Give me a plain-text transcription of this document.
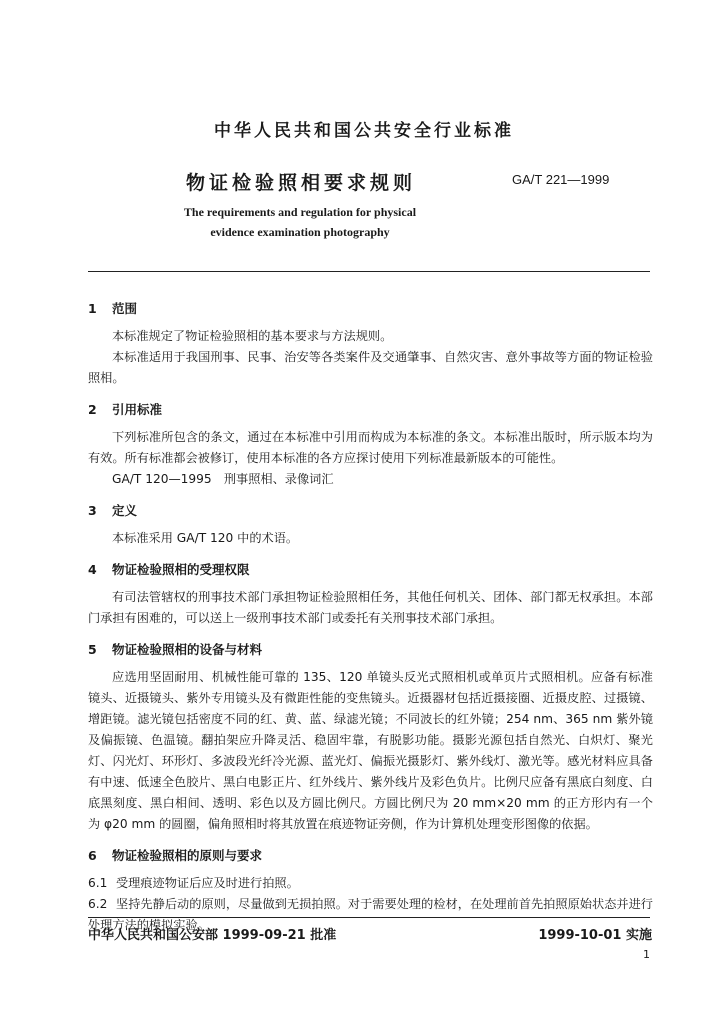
中华人民共和国公共安全行业标准
物证检验照相要求规则	GA/T 221—1999
The requirements and regulation for physical
evidence examination photography
1 范围

本标准规定了物证检验照相的基本要求与方法规则。

本标准适用于我国刑事、民事、治安等各类案件及交通肇事、自然灾害、意外事故等方面的物证检验照相。

2 引用标准

下列标准所包含的条文，通过在本标准中引用而构成为本标准的条文。本标准出版时，所示版本均为有效。所有标准都会被修订，使用本标准的各方应探讨使用下列标准最新版本的可能性。

GA/T 120—1995　刑事照相、录像词汇

3 定义

本标准采用 GA/T 120 中的术语。

4 物证检验照相的受理权限

有司法管辖权的刑事技术部门承担物证检验照相任务，其他任何机关、团体、部门都无权承担。本部门承担有困难的，可以送上一级刑事技术部门或委托有关刑事技术部门承担。

5 物证检验照相的设备与材料

应选用坚固耐用、机械性能可靠的 135、120 单镜头反光式照相机或单页片式照相机。应备有标准镜头、近摄镜头、紫外专用镜头及有微距性能的变焦镜头。近摄器材包括近摄接圈、近摄皮腔、过摄镜、增距镜。滤光镜包括密度不同的红、黄、蓝、绿滤光镜；不同波长的红外镜；254 nm、365 nm 紫外镜及偏振镜、色温镜。翻拍架应升降灵活、稳固牢靠，有脱影功能。摄影光源包括自然光、白炽灯、聚光灯、闪光灯、环形灯、多波段光纤冷光源、蓝光灯、偏振光摄影灯、紫外线灯、激光等。感光材料应具备有中速、低速全色胶片、黑白电影正片、红外线片、紫外线片及彩色负片。比例尺应备有黑底白刻度、白底黑刻度、黑白相间、透明、彩色以及方圆比例尺。方圆比例尺为 20 mm×20 mm 的正方形内有一个为 φ20 mm 的圆圈，偏角照相时将其放置在痕迹物证旁侧，作为计算机处理变形图像的依据。

6 物证检验照相的原则与要求

6.1 受理痕迹物证后应及时进行拍照。

6.2 坚持先静后动的原则，尽量做到无损拍照。对于需要处理的检材，在处理前首先拍照原始状态并进行处理方法的模拟实验。

中华人民共和国公安部 1999-09-21 批准	1999-10-01 实施
1
